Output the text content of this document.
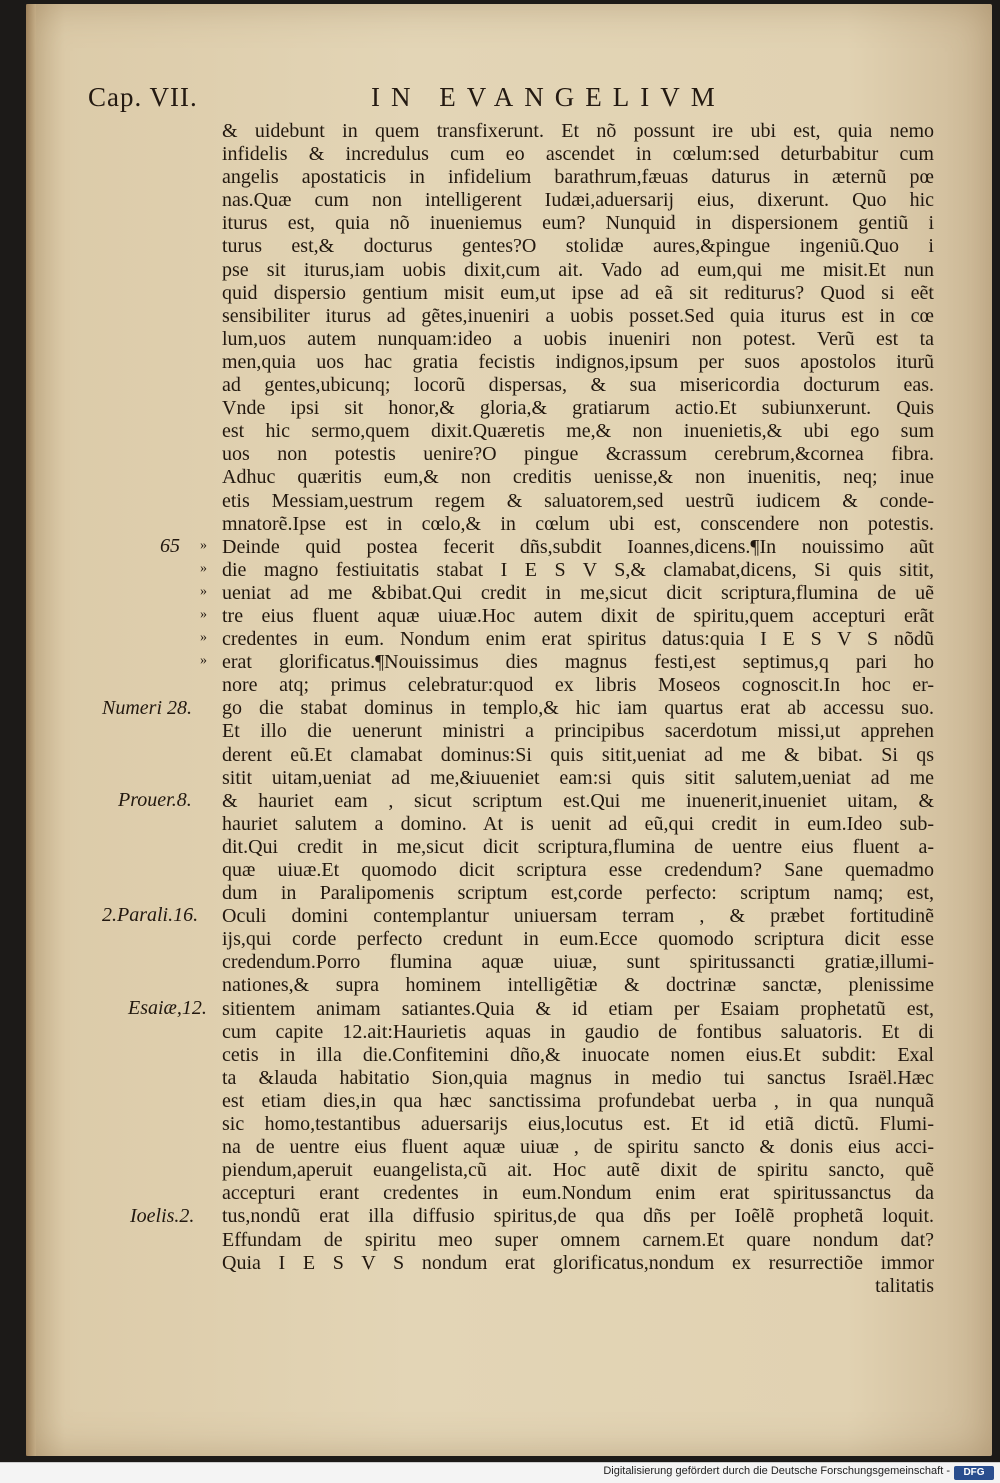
Cap. VII.	IN EVANGELIVM
65
Numeri 28.
Prouer.8.
2.Parali.16.
Esaiæ,12.
Ioelis.2.
»
»
»
»
»
»
& uidebunt in quem transfixerunt. Et nõ possunt ire ubi est, quia nemo
infidelis & incredulus cum eo ascendet in cœlum:sed deturbabitur cum
angelis apostaticis in infidelium barathrum,fæuas daturus in æternũ pœ
nas.Quæ cum non intelligerent Iudæi,aduersarij eius, dixerunt. Quo hic
iturus est, quia nõ inueniemus eum? Nunquid in dispersionem gentiũ i
turus est,& docturus gentes?O stolidæ aures,&pingue ingeniũ.Quo i
pse sit iturus,iam uobis dixit,cum ait. Vado ad eum,qui me misit.Et nun
quid dispersio gentium misit eum,ut ipse ad eã sit rediturus? Quod si eẽt
sensibiliter iturus ad gẽtes,inueniri a uobis posset.Sed quia iturus est in cœ
lum,uos autem nunquam:ideo a uobis inueniri non potest. Verũ est ta
men,quia uos hac gratia fecistis indignos,ipsum per suos apostolos iturũ
ad gentes,ubicunq; locorũ dispersas, & sua misericordia docturum eas.
Vnde ipsi sit honor,& gloria,& gratiarum actio.Et subiunxerunt. Quis
est hic sermo,quem dixit.Quæretis me,& non inuenietis,& ubi ego sum
uos non potestis uenire?O pingue &crassum cerebrum,&cornea fibra.
Adhuc quæritis eum,& non creditis uenisse,& non inuenitis, neq; inue
etis Messiam,uestrum regem & saluatorem,sed uestrũ iudicem & conde-
mnatorẽ.Ipse est in cœlo,& in cœlum ubi est, conscendere non potestis.
Deinde quid postea fecerit dñs,subdit Ioannes,dicens.¶In nouissimo aũt
die magno festiuitatis stabat I E S V S,& clamabat,dicens, Si quis sitit,
ueniat ad me &bibat.Qui credit in me,sicut dicit scriptura,flumina de uẽ
tre eius fluent aquæ uiuæ.Hoc autem dixit de spiritu,quem accepturi erãt
credentes in eum. Nondum enim erat spiritus datus:quia I E S V S nõdũ
erat glorificatus.¶Nouissimus dies magnus festi,est septimus,q pari ho
nore atq; primus celebratur:quod ex libris Moseos cognoscit.In hoc er-
go die stabat dominus in templo,& hic iam quartus erat ab accessu suo.
Et illo die uenerunt ministri a principibus sacerdotum missi,ut apprehen
derent eũ.Et clamabat dominus:Si quis sitit,ueniat ad me & bibat. Si qs
sitit uitam,ueniat ad me,&iuueniet eam:si quis sitit salutem,ueniat ad me
& hauriet eam , sicut scriptum est.Qui me inuenerit,inueniet uitam, &
hauriet salutem a domino. At is uenit ad eũ,qui credit in eum.Ideo sub-
dit.Qui credit in me,sicut dicit scriptura,flumina de uentre eius fluent a-
quæ uiuæ.Et quomodo dicit scriptura esse credendum? Sane quemadmo
dum in Paralipomenis scriptum est,corde perfecto: scriptum namq; est,
Oculi domini contemplantur uniuersam terram , & præbet fortitudinẽ
ijs,qui corde perfecto credunt in eum.Ecce quomodo scriptura dicit esse
credendum.Porro flumina aquæ uiuæ, sunt spiritussancti gratiæ,illumi-
nationes,& supra hominem intelligẽtiæ & doctrinæ sanctæ, plenissime
sitientem animam satiantes.Quia & id etiam per Esaiam prophetatũ est,
cum capite 12.ait:Haurietis aquas in gaudio de fontibus saluatoris. Et di
cetis in illa die.Confitemini dño,& inuocate nomen eius.Et subdit: Exal
ta &lauda habitatio Sion,quia magnus in medio tui sanctus Israël.Hæc
est etiam dies,in qua hæc sanctissima profundebat uerba , in qua nunquã
sic homo,testantibus aduersarijs eius,locutus est. Et id etiã dictũ. Flumi-
na de uentre eius fluent aquæ uiuæ , de spiritu sancto & donis eius acci-
piendum,aperuit euangelista,cũ ait. Hoc autẽ dixit de spiritu sancto, quẽ
accepturi erant credentes in eum.Nondum enim erat spiritussanctus da
tus,nondũ erat illa diffusio spiritus,de qua dñs per Ioẽlẽ prophetã loquit.
Effundam de spiritu meo super omnem carnem.Et quare nondum dat?
Quia I E S V S nondum erat glorificatus,nondum ex resurrectiõe immor
talitatis
Digitalisierung gefördert durch die Deutsche Forschungsgemeinschaft -	DFG
